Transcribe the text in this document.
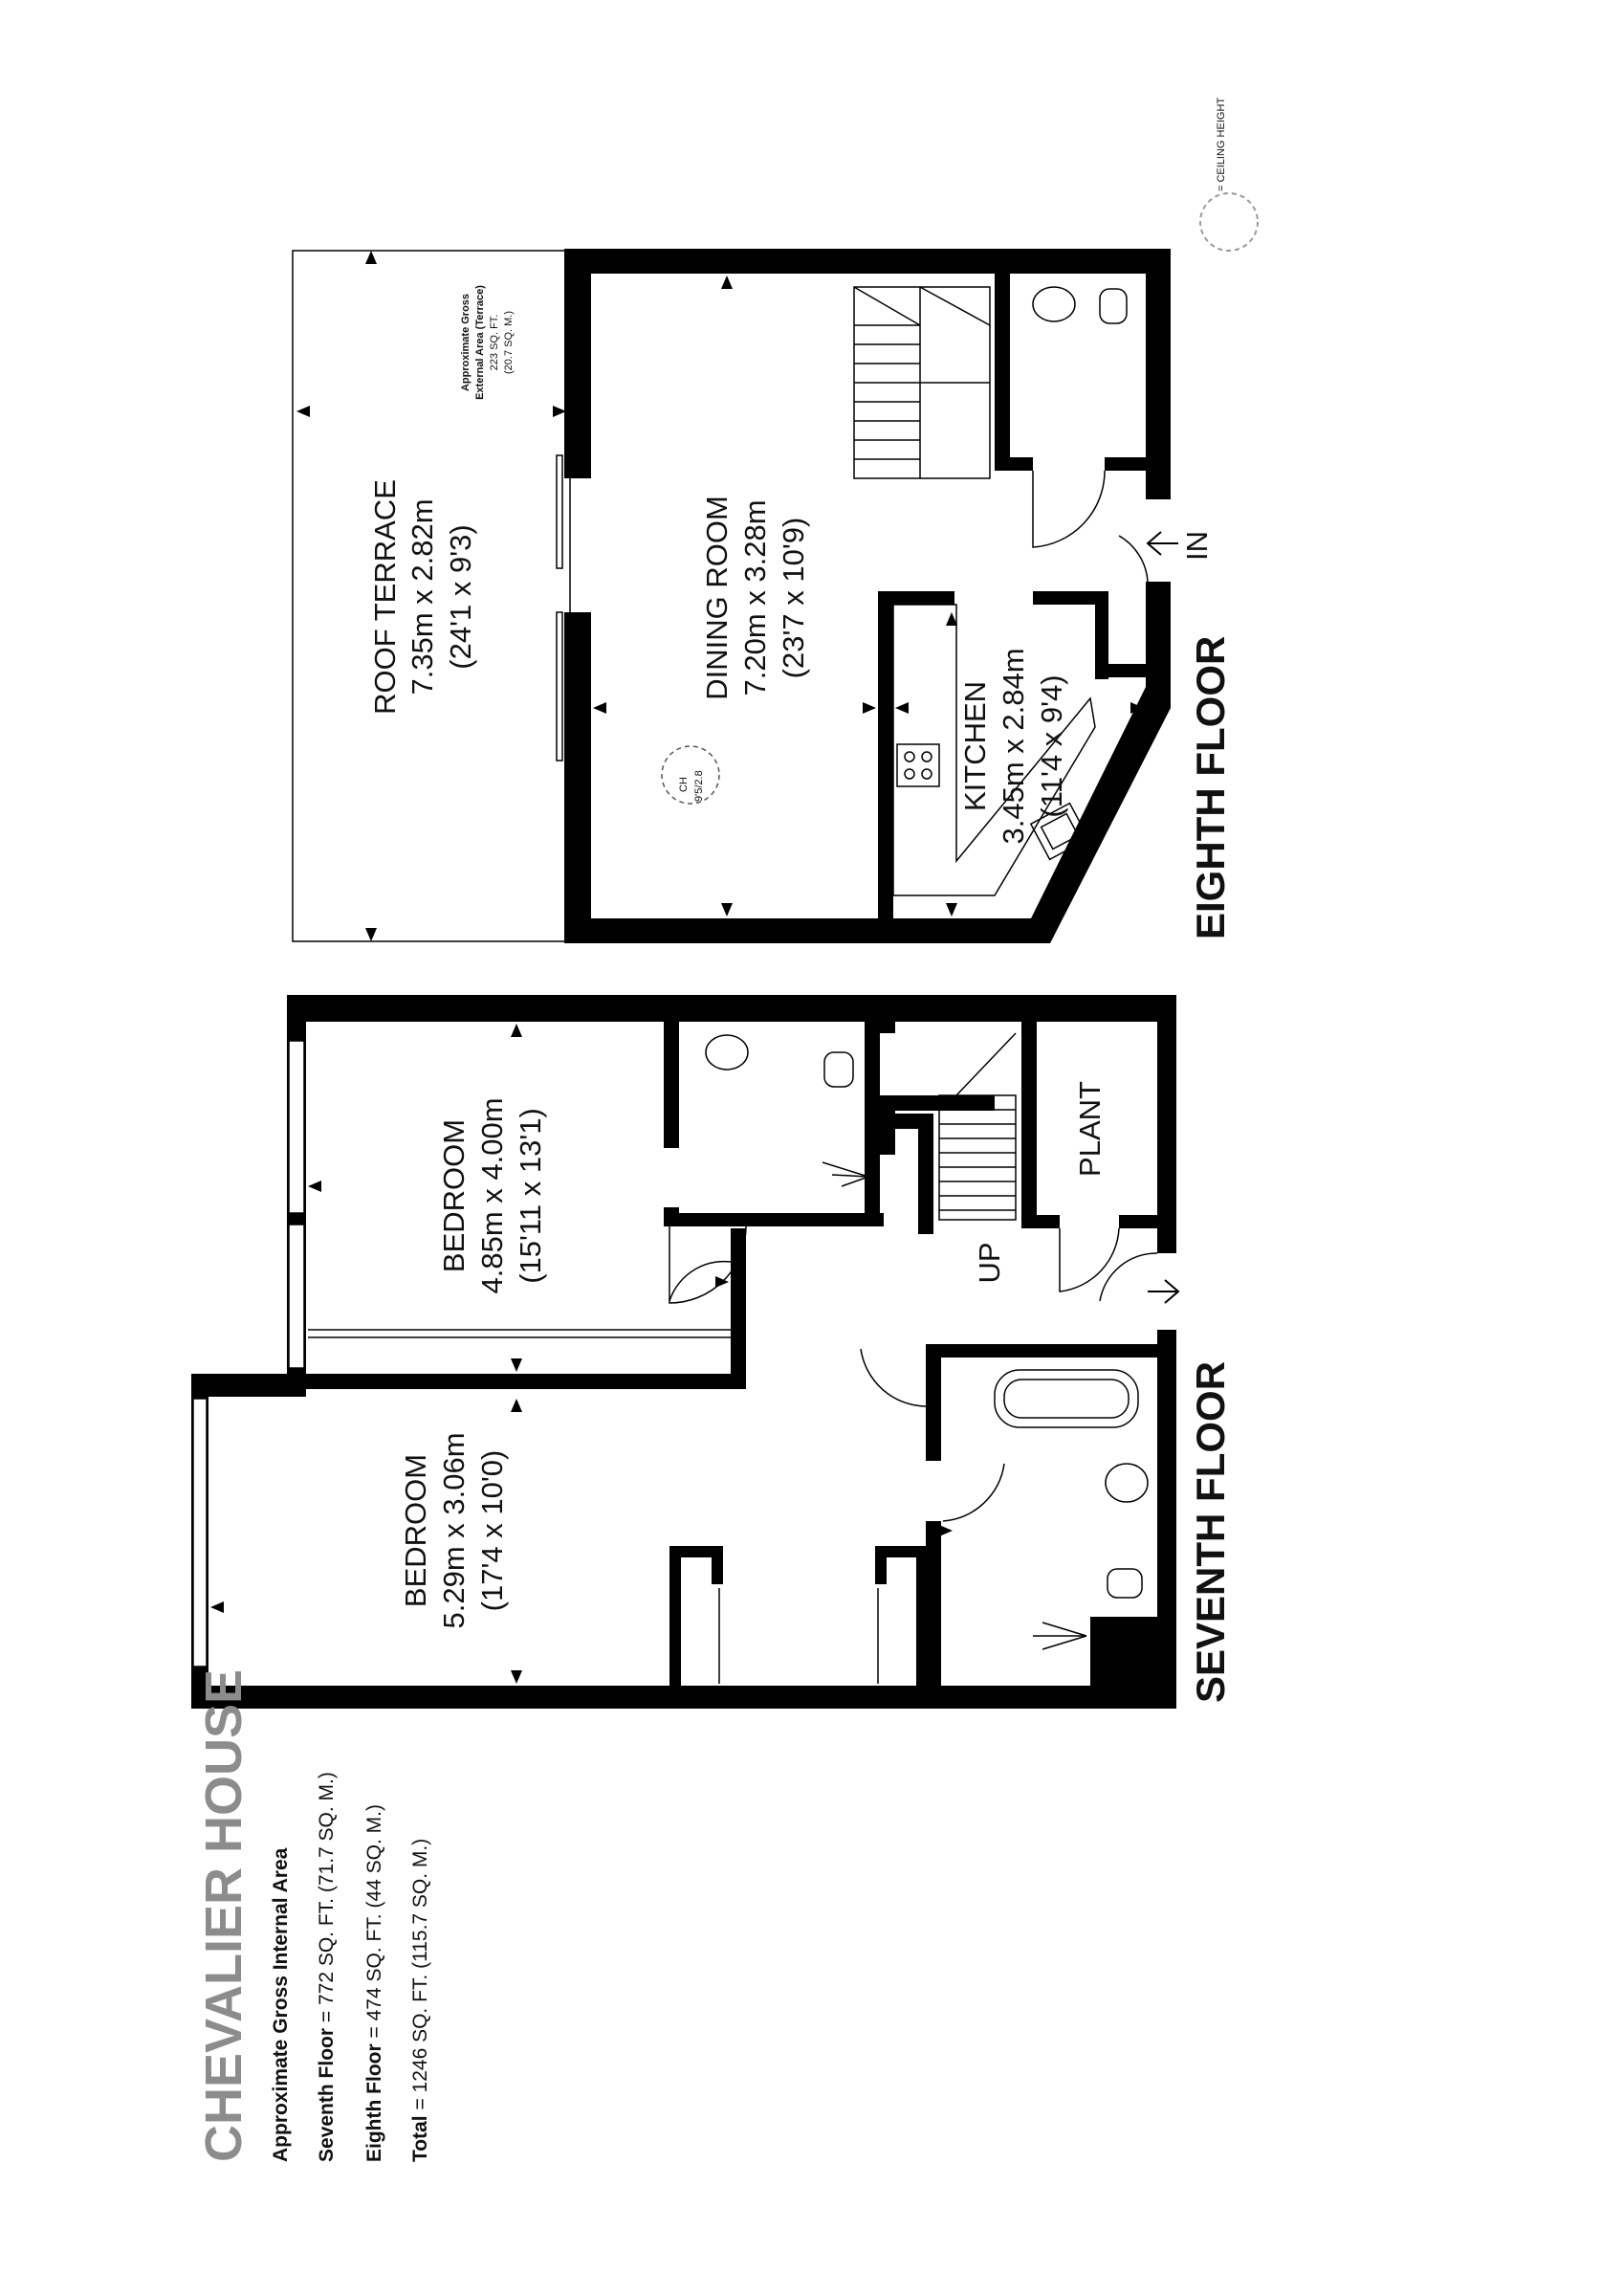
= CEILING HEIGHT
CH 9'5/2.8
IN
ROOF TERRACE 7.35m x 2.82m (24'1 x 9'3)
Approximate Gross External Area (Terrace) 223 SQ. FT. (20.7 SQ. M.)
DINING ROOM 7.20m x 3.28m (23'7 x 10'9)
KITCHEN 3.45m x 2.84m (11'4 x 9'4)	EIGHTH FLOOR
BEDROOM 4.85m x 4.00m (15'11 x 13'1)
BEDROOM 5.29m x 3.06m (17'4 x 10'0)
PLANT
UP
SEVENTH FLOOR
CHEVALIER HOUSE Approximate Gross Internal Area Seventh Floor = 772 SQ. FT. (71.7 SQ. M.)
Eighth Floor = 474 SQ. FT. (44 SQ. M.)
Total = 1246 SQ. FT. (115.7 SQ. M.)
